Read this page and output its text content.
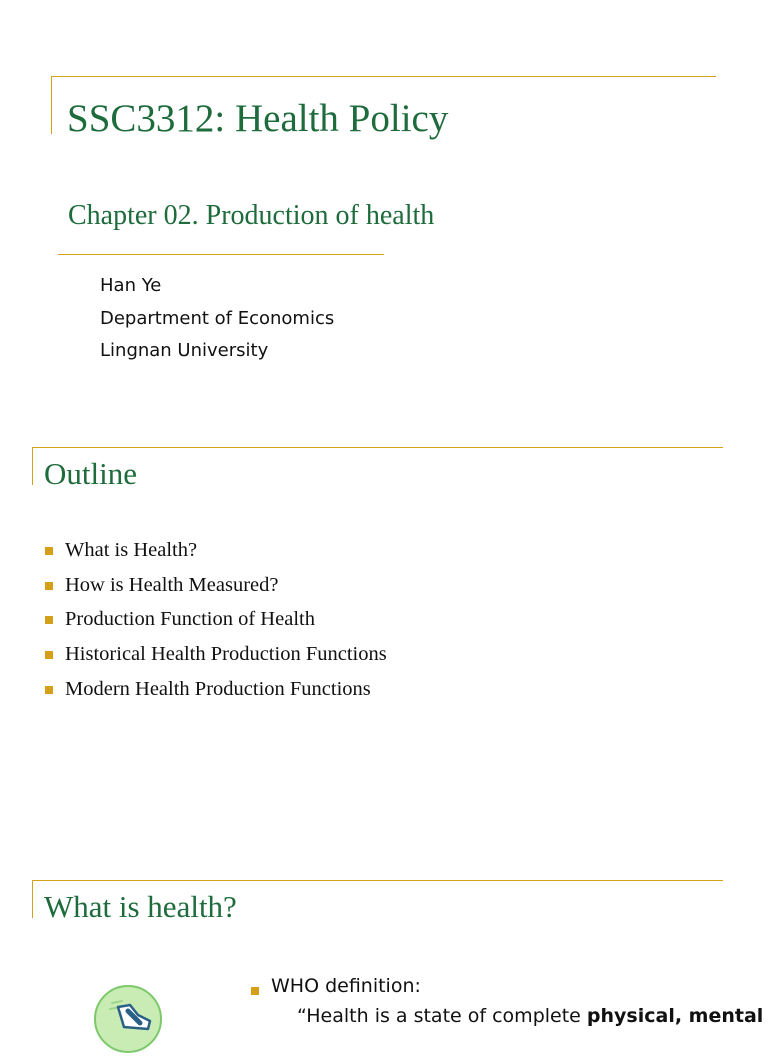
SSC3312: Health Policy
Chapter 02. Production of health
Han Ye
Department of Economics
Lingnan University
Outline
What is Health?
How is Health Measured?
Production Function of Health
Historical Health Production Functions
Modern Health Production Functions
What is health?
WHO definition:
“Health is a state of complete physical, mental
